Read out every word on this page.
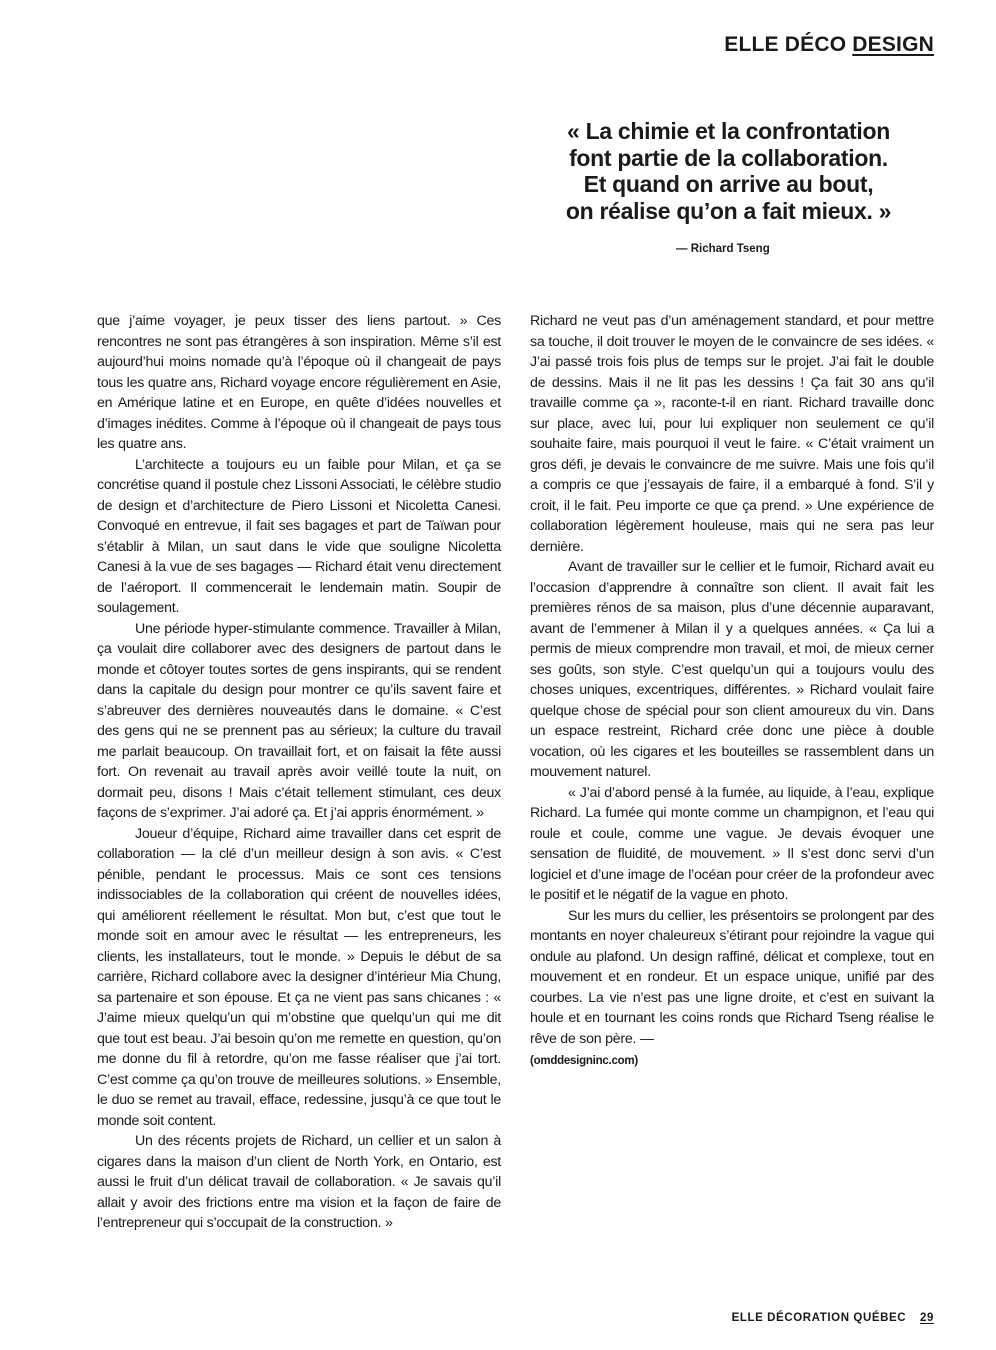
ELLE DÉCO DESIGN
« La chimie et la confrontation
font partie de la collaboration.
Et quand on arrive au bout,
on réalise qu’on a fait mieux. »
— Richard Tseng

que j’aime voyager, je peux tisser des liens partout. » Ces rencontres ne sont pas étrangères à son inspiration. Même s’il est aujourd’hui moins nomade qu’à l’époque où il changeait de pays tous les quatre ans, Richard voyage encore régulièrement en Asie, en Amérique latine et en Europe, en quête d’idées nouvelles et d’images inédites. Comme à l’époque où il changeait de pays tous les quatre ans.

L’architecte a toujours eu un faible pour Milan, et ça se concrétise quand il postule chez Lissoni Associati, le célèbre studio de design et d’architecture de Piero Lissoni et Nicoletta Canesi. Convoqué en entrevue, il fait ses bagages et part de Taïwan pour s’établir à Milan, un saut dans le vide que souligne Nicoletta Canesi à la vue de ses bagages — Richard était venu directement de l’aéroport. Il commencerait le lendemain matin. Soupir de soulagement.

Une période hyper-stimulante commence. Travailler à Milan, ça voulait dire collaborer avec des designers de partout dans le monde et côtoyer toutes sortes de gens inspirants, qui se rendent dans la capitale du design pour montrer ce qu’ils savent faire et s’abreuver des dernières nouveautés dans le domaine. « C’est des gens qui ne se prennent pas au sérieux; la culture du travail me parlait beaucoup. On travaillait fort, et on faisait la fête aussi fort. On revenait au travail après avoir veillé toute la nuit, on dormait peu, disons ! Mais c’était tellement stimulant, ces deux façons de s’exprimer. J’ai adoré ça. Et j’ai appris énormément. »

Joueur d’équipe, Richard aime travailler dans cet esprit de collaboration — la clé d’un meilleur design à son avis. « C’est pénible, pendant le processus. Mais ce sont ces tensions indissociables de la collaboration qui créent de nouvelles idées, qui améliorent réellement le résultat. Mon but, c’est que tout le monde soit en amour avec le résultat — les entrepreneurs, les clients, les installateurs, tout le monde. » Depuis le début de sa carrière, Richard collabore avec la designer d’intérieur Mia Chung, sa partenaire et son épouse. Et ça ne vient pas sans chicanes : « J’aime mieux quelqu’un qui m’obstine que quelqu’un qui me dit que tout est beau. J’ai besoin qu’on me remette en question, qu’on me donne du fil à retordre, qu’on me fasse réaliser que j’ai tort. C’est comme ça qu’on trouve de meilleures solutions. » Ensemble, le duo se remet au travail, efface, redessine, jusqu’à ce que tout le monde soit content.

Un des récents projets de Richard, un cellier et un salon à cigares dans la maison d’un client de North York, en Ontario, est aussi le fruit d’un délicat travail de collaboration. « Je savais qu’il allait y avoir des frictions entre ma vision et la façon de faire de l’entrepreneur qui s’occupait de la construction. »

Richard ne veut pas d’un aménagement standard, et pour mettre sa touche, il doit trouver le moyen de le convaincre de ses idées. « J’ai passé trois fois plus de temps sur le projet. J’ai fait le double de dessins. Mais il ne lit pas les dessins ! Ça fait 30 ans qu’il travaille comme ça », raconte-t-il en riant. Richard travaille donc sur place, avec lui, pour lui expliquer non seulement ce qu’il souhaite faire, mais pourquoi il veut le faire. « C’était vraiment un gros défi, je devais le convaincre de me suivre. Mais une fois qu’il a compris ce que j’essayais de faire, il a embarqué à fond. S’il y croit, il le fait. Peu importe ce que ça prend. » Une expérience de collaboration légèrement houleuse, mais qui ne sera pas leur dernière.

Avant de travailler sur le cellier et le fumoir, Richard avait eu l’occasion d’apprendre à connaître son client. Il avait fait les premières rénos de sa maison, plus d’une décennie auparavant, avant de l’emmener à Milan il y a quelques années. « Ça lui a permis de mieux comprendre mon travail, et moi, de mieux cerner ses goûts, son style. C’est quelqu’un qui a toujours voulu des choses uniques, excentriques, différentes. » Richard voulait faire quelque chose de spécial pour son client amoureux du vin. Dans un espace restreint, Richard crée donc une pièce à double vocation, où les cigares et les bouteilles se rassemblent dans un mouvement naturel.

« J’ai d’abord pensé à la fumée, au liquide, à l’eau, explique Richard. La fumée qui monte comme un champignon, et l’eau qui roule et coule, comme une vague. Je devais évoquer une sensation de fluidité, de mouvement. » Il s’est donc servi d’un logiciel et d’une image de l’océan pour créer de la profondeur avec le positif et le négatif de la vague en photo.

Sur les murs du cellier, les présentoirs se prolongent par des montants en noyer chaleureux s’étirant pour rejoindre la vague qui ondule au plafond. Un design raffiné, délicat et complexe, tout en mouvement et en rondeur. Et un espace unique, unifié par des courbes. La vie n’est pas une ligne droite, et c’est en suivant la houle et en tournant les coins ronds que Richard Tseng réalise le rêve de son père. —

(omddesigninc.com)
ELLE DÉCORATION QUÉBEC 29
